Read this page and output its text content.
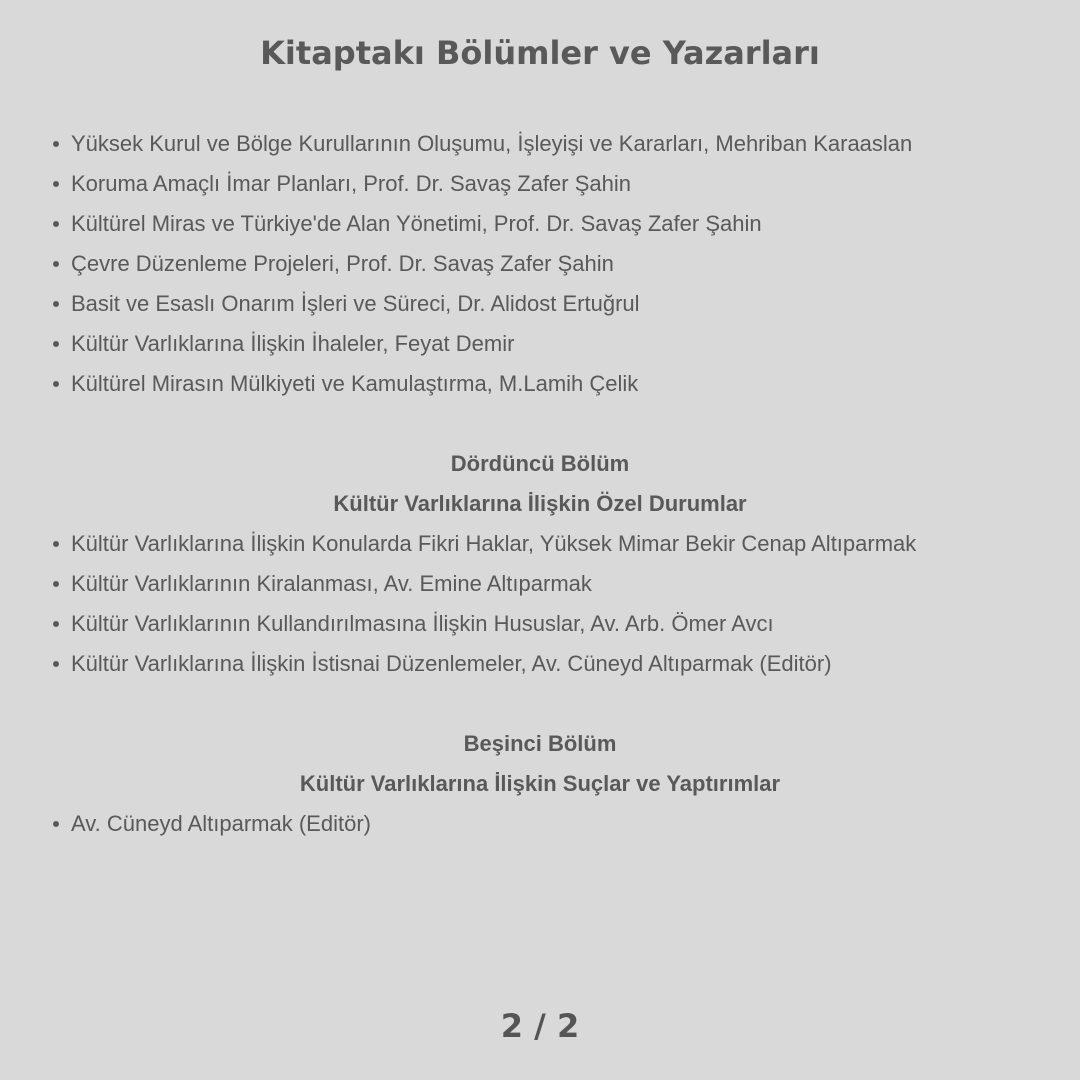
Kitaptakı Bölümler ve Yazarları
Yüksek Kurul ve Bölge Kurullarının Oluşumu, İşleyişi ve Kararları, Mehriban Karaaslan
Koruma Amaçlı İmar Planları, Prof. Dr. Savaş Zafer Şahin
Kültürel Miras ve Türkiye'de Alan Yönetimi, Prof. Dr. Savaş Zafer Şahin
Çevre Düzenleme Projeleri, Prof. Dr. Savaş Zafer Şahin
Basit ve Esaslı Onarım İşleri ve Süreci, Dr. Alidost Ertuğrul
Kültür Varlıklarına İlişkin İhaleler, Feyat Demir
Kültürel Mirasın Mülkiyeti ve Kamulaştırma, M.Lamih Çelik
Dördüncü Bölüm
Kültür Varlıklarına İlişkin Özel Durumlar
Kültür Varlıklarına İlişkin Konularda Fikri Haklar, Yüksek Mimar Bekir Cenap Altıparmak
Kültür Varlıklarının Kiralanması, Av. Emine Altıparmak
Kültür Varlıklarının Kullandırılmasına İlişkin Hususlar, Av. Arb. Ömer Avcı
Kültür Varlıklarına İlişkin İstisnai Düzenlemeler, Av. Cüneyd Altıparmak (Editör)
Beşinci Bölüm
Kültür Varlıklarına İlişkin Suçlar ve Yaptırımlar
Av. Cüneyd Altıparmak (Editör)
2 / 2
